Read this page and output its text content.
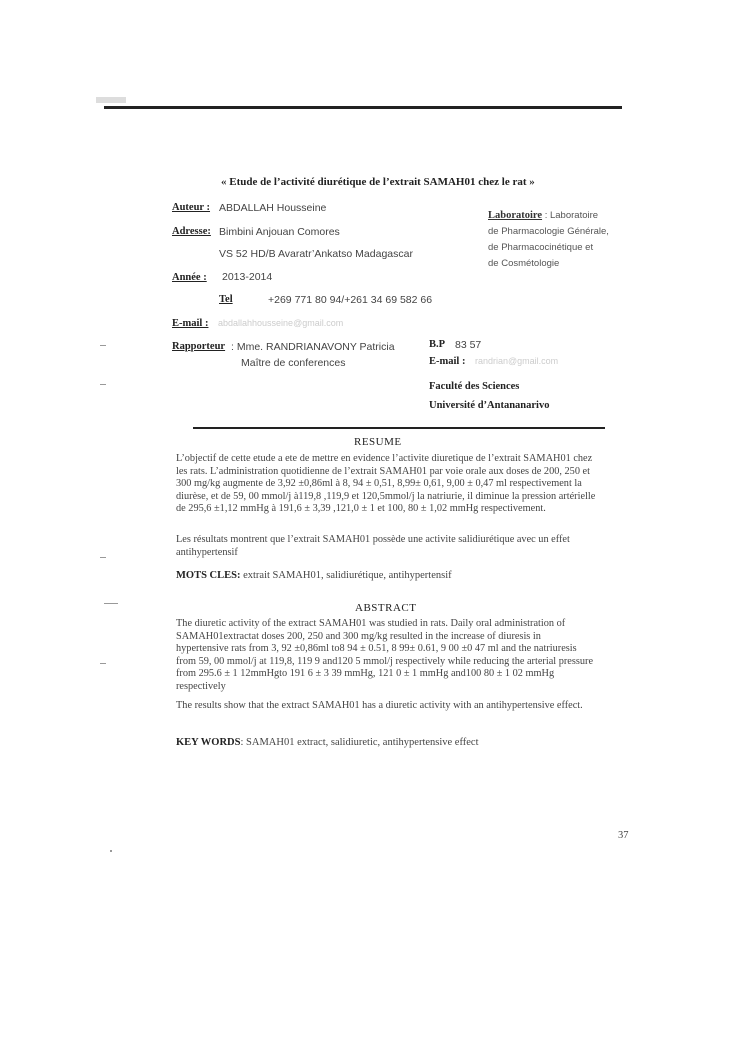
« Etude de l’activité diurétique de l’extrait SAMAH01 chez le rat »
Auteur : ABDALLAH Housseine
Adresse: Bimbini Anjouan Comores
VS 52 HD/B Avaratr’Ankatso Madagascar
Année : 2013-2014
Tel	+269 771 80 94/+261 34 69 582 66
E-mail : abdallahhousseine@gmail.com
Rapporteur : Mme. RANDRIANAVONY Patricia
Maître de conferences
Laboratoire : Laboratoire
de Pharmacologie Générale,
de Pharmacocinétique et
de Cosmétologie
B.P 83 57
E-mail : randrian@gmail.com
Faculté des Sciences
Université d’Antananarivo
RESUME
L’objectif de cette etude a ete de mettre en evidence l’activite diuretique de l’extrait SAMAH01 chez les rats. L’administration quotidienne de l’extrait SAMAH01 par voie orale aux doses de 200, 250 et 300 mg/kg augmente de 3,92 ±0,86ml à 8, 94 ± 0,51, 8,99± 0,61, 9,00 ± 0,47 ml respectivement la diurèse, et de 59, 00 mmol/j à119,8 ,119,9 et 120,5mmol/j la natriurie, il diminue la pression artérielle de 295,6 ±1,12 mmHg à 191,6 ± 3,39 ,121,0 ± 1 et 100, 80 ± 1,02 mmHg respectivement.
Les résultats montrent que l’extrait SAMAH01 possède une activite salidiurétique avec un effet antihypertensif
MOTS CLES: extrait SAMAH01, salidiurétique, antihypertensif
ABSTRACT
The diuretic activity of the extract SAMAH01 was studied in rats. Daily oral administration of SAMAH01extractat doses 200, 250 and 300 mg/kg resulted in the increase of diuresis in hypertensive rats from 3, 92 ±0,86ml to8 94 ± 0.51, 8 99± 0.61, 9 00 ±0 47 ml and the natriuresis from 59, 00 mmol/j at 119,8, 119 9 and120 5 mmol/j respectively while reducing the arterial pressure from 295.6 ± 1 12mmHgto 191 6 ± 3 39 mmHg, 121 0 ± 1 mmHg and100 80 ± 1 02 mmHg respectively
The results show that the extract SAMAH01 has a diuretic activity with an antihypertensive effect.
KEY WORDS: SAMAH01 extract, salidiuretic, antihypertensive effect
37
